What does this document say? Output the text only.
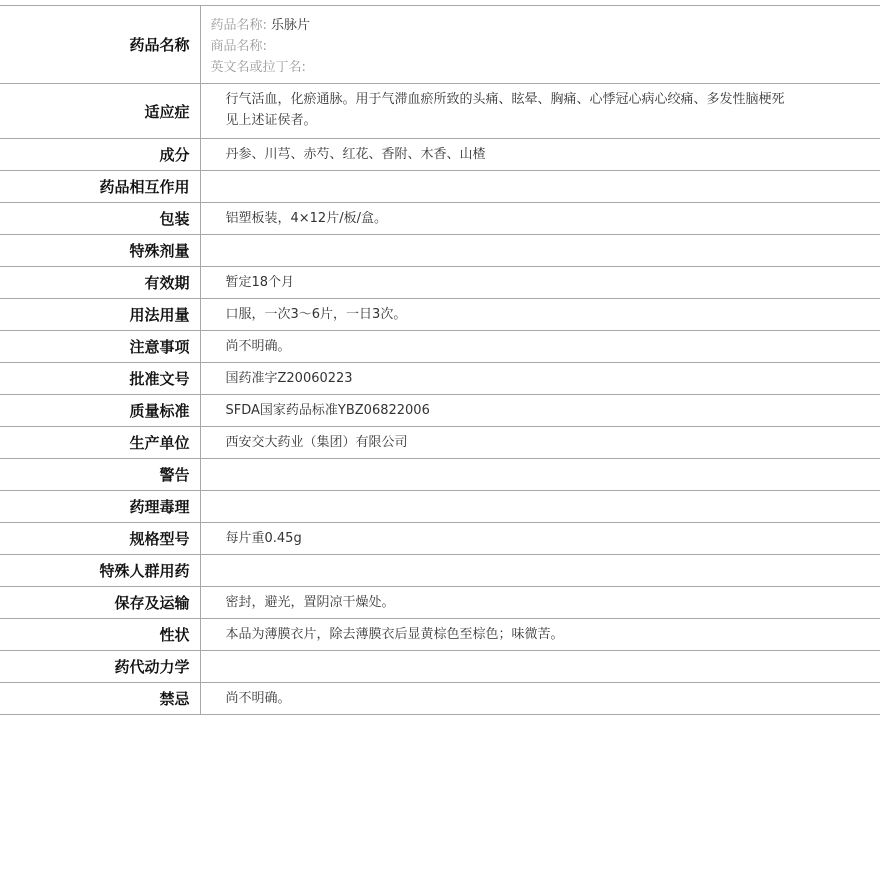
药品名称	药品名称: 乐脉片
商品名称:
英文名或拉丁名:

适应症	行气活血，化瘀通脉。用于气滞血瘀所致的头痛、眩晕、胸痛、心悸冠心病心绞痛、多发性脑梗死见上述证侯者。
成分	丹参、川芎、赤芍、红花、香附、木香、山楂
药品相互作用	
包装	铝塑板装，4×12片/板/盒。
特殊剂量	
有效期	暂定18个月
用法用量	口服，一次3～6片，一日3次。
注意事项	尚不明确。
批准文号	国药准字Z20060223
质量标准	SFDA国家药品标准YBZ06822006
生产单位	西安交大药业（集团）有限公司
警告	
药理毒理	
规格型号	每片重0.45g
特殊人群用药	
保存及运输	密封，避光，置阴凉干燥处。
性状	本品为薄膜衣片，除去薄膜衣后显黄棕色至棕色；味微苦。
药代动力学	
禁忌	尚不明确。
